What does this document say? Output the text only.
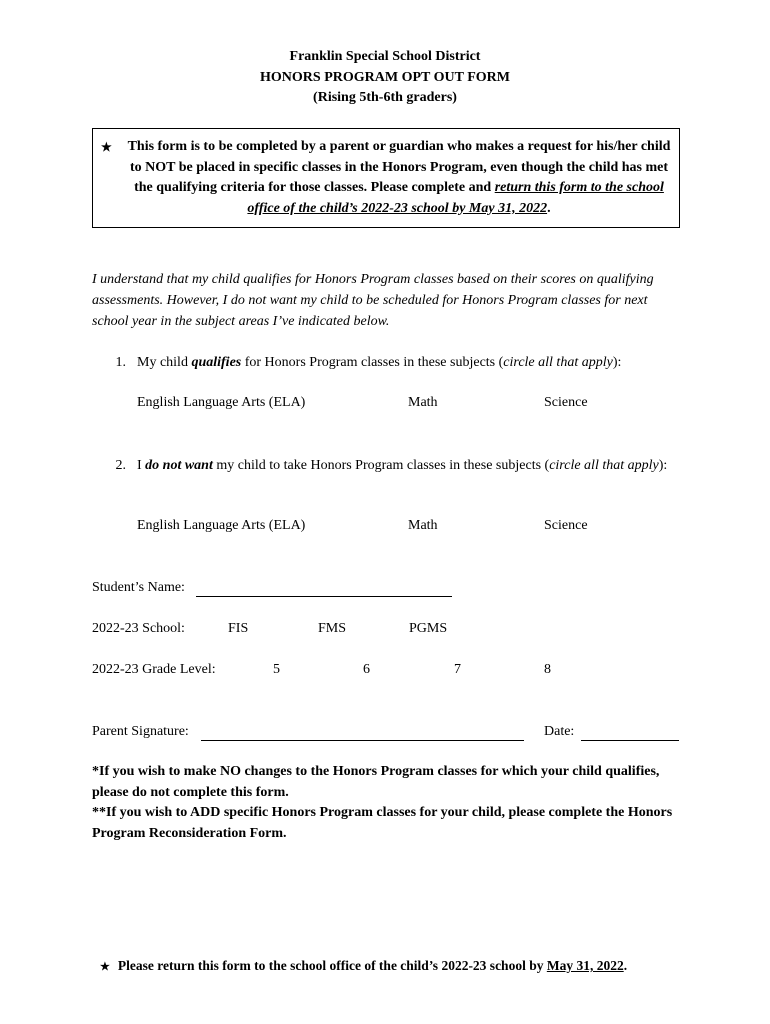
Franklin Special School District
HONORS PROGRAM OPT OUT FORM
(Rising 5th-6th graders)
★	This form is to be completed by a parent or guardian who makes a request for his/her child to NOT be placed in specific classes in the Honors Program, even though the child has met the qualifying criteria for those classes. Please complete and return this form to the school office of the child’s 2022-23 school by May 31, 2022.
I understand that my child qualifies for Honors Program classes based on their scores on qualifying assessments. However, I do not want my child to be scheduled for Honors Program classes for next school year in the subject areas I’ve indicated below.
1. My child qualifies for Honors Program classes in these subjects (circle all that apply):
English Language Arts (ELA)	Math	Science
2. I do not want my child to take Honors Program classes in these subjects (circle all that apply):
English Language Arts (ELA)	Math	Science
Student’s Name:
2022-23 School:	FIS	FMS	PGMS
2022-23 Grade Level:	5	6	7	8
Parent Signature:	Date:
*If you wish to make NO changes to the Honors Program classes for which your child qualifies, please do not complete this form.
**If you wish to ADD specific Honors Program classes for your child, please complete the Honors Program Reconsideration Form.
★ Please return this form to the school office of the child’s 2022-23 school by May 31, 2022.
